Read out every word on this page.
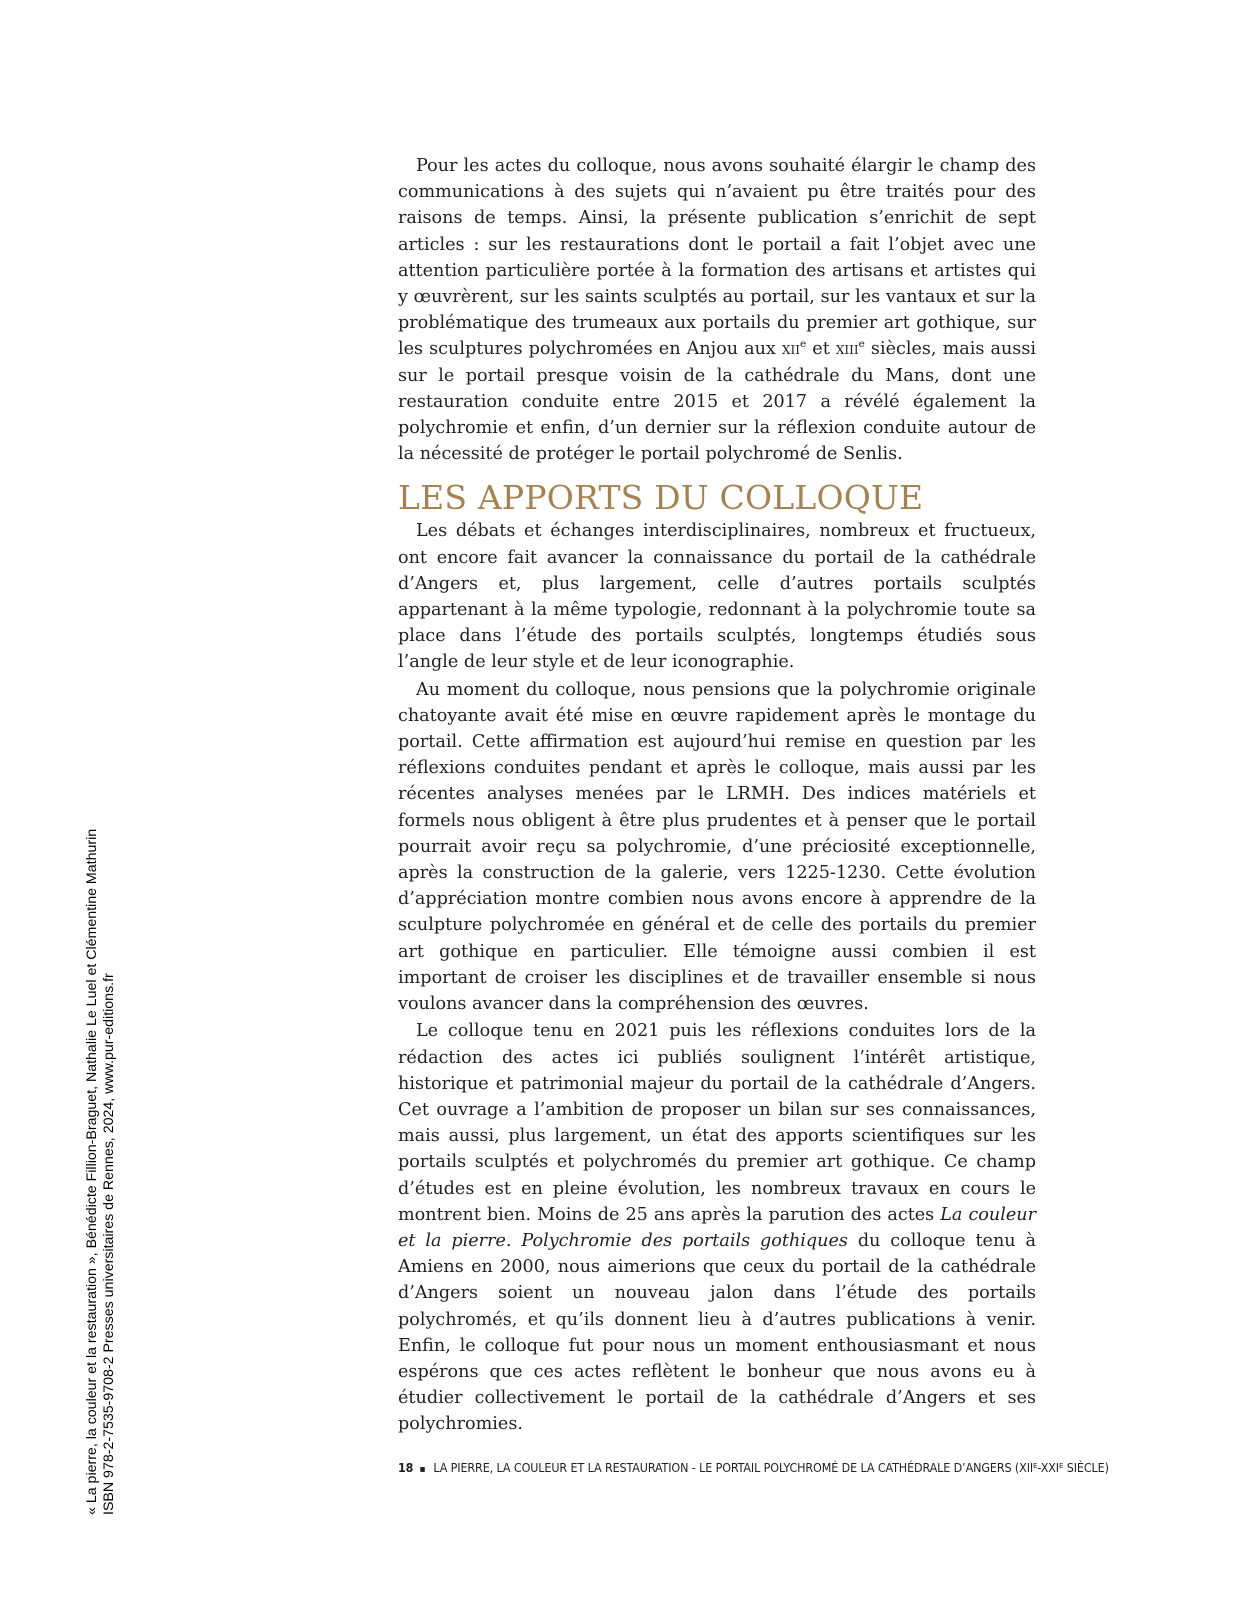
Pour les actes du colloque, nous avons souhaité élargir le champ des communications à des sujets qui n’avaient pu être traités pour des raisons de temps. Ainsi, la présente publication s’enrichit de sept articles : sur les restaurations dont le portail a fait l’objet avec une attention particulière portée à la formation des artisans et artistes qui y œuvrèrent, sur les saints sculptés au portail, sur les vantaux et sur la problématique des trumeaux aux portails du premier art gothique, sur les sculptures polychromées en Anjou aux xii$^e$ et xiii$^e$ siècles, mais aussi sur le portail presque voisin de la cathédrale du Mans, dont une restauration conduite entre 2015 et 2017 a révélé également la polychromie et enfin, d’un dernier sur la réflexion conduite autour de la nécessité de protéger le portail polychromé de Senlis.

LES APPORTS DU COLLOQUE

Les débats et échanges interdisciplinaires, nombreux et fructueux, ont encore fait avancer la connaissance du portail de la cathédrale d’Angers et, plus largement, celle d’autres portails sculptés appartenant à la même typologie, redonnant à la polychromie toute sa place dans l’étude des portails sculptés, longtemps étudiés sous l’angle de leur style et de leur iconographie.

Au moment du colloque, nous pensions que la polychromie originale chatoyante avait été mise en œuvre rapidement après le montage du portail. Cette affirmation est aujourd’hui remise en question par les réflexions conduites pendant et après le colloque, mais aussi par les récentes analyses menées par le LRMH. Des indices matériels et formels nous obligent à être plus prudentes et à penser que le portail pourrait avoir reçu sa polychromie, d’une préciosité exceptionnelle, après la construction de la galerie, vers 1225-1230. Cette évolution d’appréciation montre combien nous avons encore à apprendre de la sculpture polychromée en général et de celle des portails du premier art gothique en particulier. Elle témoigne aussi combien il est important de croiser les disciplines et de travailler ensemble si nous voulons avancer dans la compréhension des œuvres.

Le colloque tenu en 2021 puis les réflexions conduites lors de la rédaction des actes ici publiés soulignent l’intérêt artistique, historique et patrimonial majeur du portail de la cathédrale d’Angers. Cet ouvrage a l’ambition de proposer un bilan sur ses connaissances, mais aussi, plus largement, un état des apports scientifiques sur les portails sculptés et polychromés du premier art gothique. Ce champ d’études est en pleine évolution, les nombreux travaux en cours le montrent bien. Moins de 25 ans après la parution des actes La couleur et la pierre. Polychromie des portails gothiques du colloque tenu à Amiens en 2000, nous aimerions que ceux du portail de la cathédrale d’Angers soient un nouveau jalon dans l’étude des portails polychromés, et qu’ils donnent lieu à d’autres publications à venir. Enfin, le colloque fut pour nous un moment enthousiasmant et nous espérons que ces actes reflètent le bonheur que nous avons eu à étudier collectivement le portail de la cathédrale d’Angers et ses polychromies.

« La pierre, la couleur et la restauration », Bénédicte Fillion-Braguet, Nathalie Le Luel et Clémentine Mathurin ISBN 978-2-7535-9708-2 Presses universitaires de Rennes, 2024, www.pur-editions.fr	18 ▪ LA PIERRE, LA COULEUR ET LA RESTAURATION - LE PORTAIL POLYCHROMÉ DE LA CATHÉDRALE D’ANGERS (XIIᴱ-XXIᴱ SIÈCLE)
